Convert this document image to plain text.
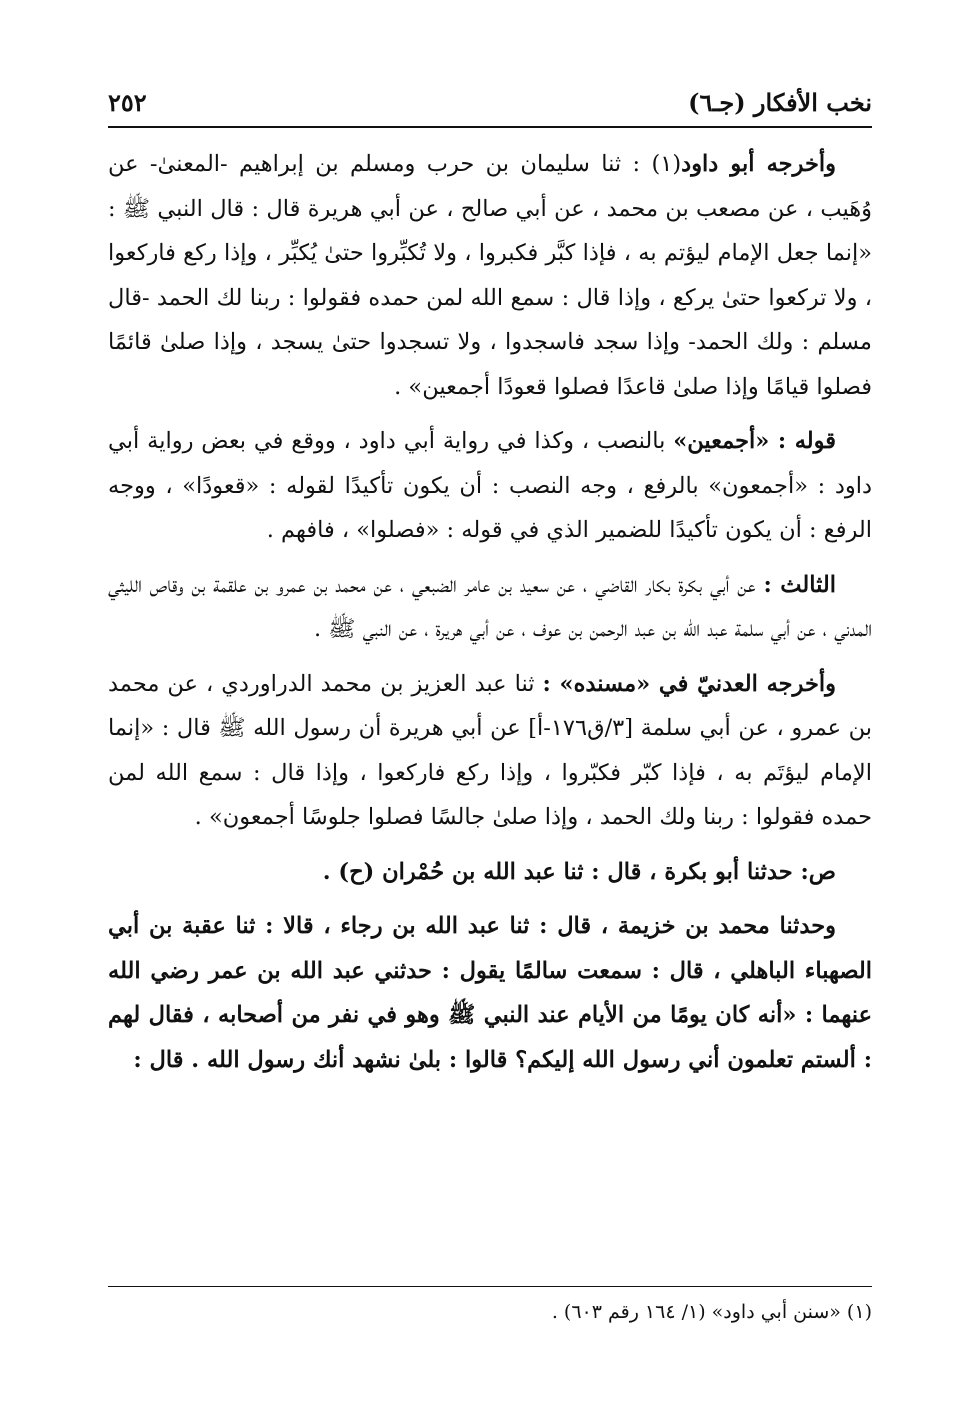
٢٥٢	نخب الأفكار (جـ٦)

وأخرجه أبو داود(١) : ثنا سليمان بن حرب ومسلم بن إبراهيم -المعنىٰ- عن وُهَيب ، عن مصعب بن محمد ، عن أبي صالح ، عن أبي هريرة قال : قال النبي ﷺ : «إنما جعل الإمام ليؤتم به ، فإذا كبَّر فكبروا ، ولا تُكبِّروا حتىٰ يُكبِّر ، وإذا ركع فاركعوا ، ولا تركعوا حتىٰ يركع ، وإذا قال : سمع الله لمن حمده فقولوا : ربنا لك الحمد -قال مسلم : ولك الحمد- وإذا سجد فاسجدوا ، ولا تسجدوا حتىٰ يسجد ، وإذا صلىٰ قائمًا فصلوا قيامًا وإذا صلىٰ قاعدًا فصلوا قعودًا أجمعين» .

قوله : «أجمعين» بالنصب ، وكذا في رواية أبي داود ، ووقع في بعض رواية أبي داود : «أجمعون» بالرفع ، وجه النصب : أن يكون تأكيدًا لقوله : «قعودًا» ، ووجه الرفع : أن يكون تأكيدًا للضمير الذي في قوله : «فصلوا» ، فافهم .

الثالث : عن أبي بكرة بكار القاضي ، عن سعيد بن عامر الضبعي ، عن محمد بن عمرو بن علقمة بن وقاص الليثي المدني ، عن أبي سلمة عبد الله بن عبد الرحمن بن عوف ، عن أبي هريرة ، عن النبي ﷺ .

وأخرجه العدنيّ في «مسنده» : ثنا عبد العزيز بن محمد الدراوردي ، عن محمد بن عمرو ، عن أبي سلمة [٣/ق١٧٦-أ] عن أبي هريرة أن رسول الله ﷺ قال : «إنما الإمام ليؤتَم به ، فإذا كبّر فكبّروا ، وإذا ركع فاركعوا ، وإذا قال : سمع الله لمن حمده فقولوا : ربنا ولك الحمد ، وإذا صلىٰ جالسًا فصلوا جلوسًا أجمعون» .

ص: حدثنا أبو بكرة ، قال : ثنا عبد الله بن حُمْران (ح) .

وحدثنا محمد بن خزيمة ، قال : ثنا عبد الله بن رجاء ، قالا : ثنا عقبة بن أبي الصهباء الباهلي ، قال : سمعت سالمًا يقول : حدثني عبد الله بن عمر رضي الله عنهما : «أنه كان يومًا من الأيام عند النبي ﷺ وهو في نفر من أصحابه ، فقال لهم : ألستم تعلمون أني رسول الله إليكم؟ قالوا : بلىٰ نشهد أنك رسول الله . قال :

(١) «سنن أبي داود» (١/ ١٦٤ رقم ٦٠٣) .
